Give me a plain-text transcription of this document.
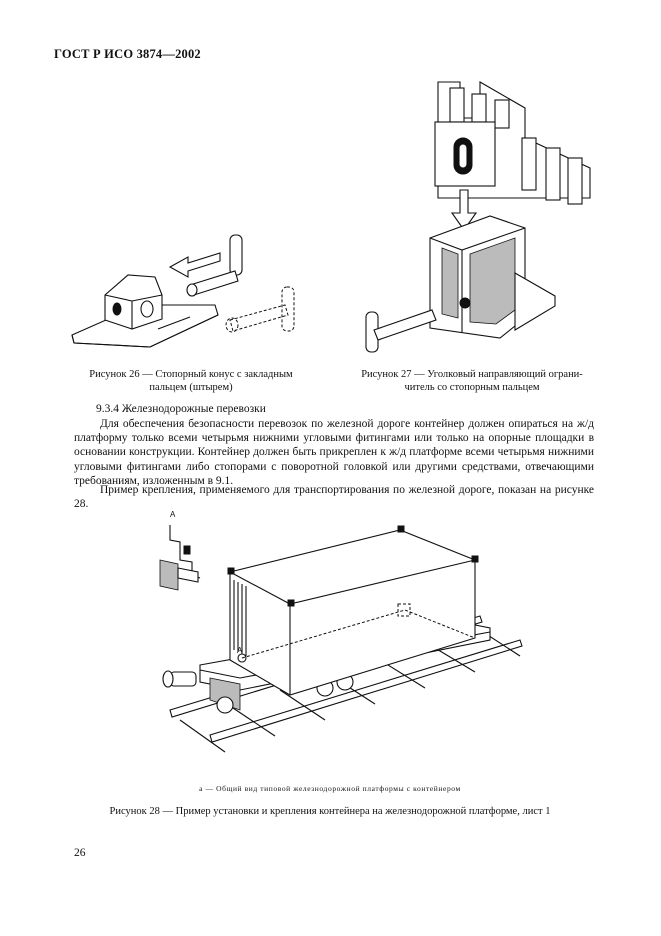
ГОСТ Р ИСО 3874—2002
Рисунок 26 — Стопорный конус с закладным
пальцем (штырем)
Рисунок 27 — Уголковый направляющий ограни-
читель со стопорным пальцем
9.3.4 Железнодорожные перевозки
Для обеспечения безопасности перевозок по железной дороге контейнер должен опираться на ж/д платформу только всеми четырьмя нижними угловыми фитингами или только на опорные площадки в основании конструкции. Контейнер должен быть прикреплен к ж/д платформе всеми четырьмя нижними угловыми фитингами либо стопорами с поворотной головкой или другими средствами, отвечающими требованиям, изложенным в 9.1.
Пример крепления, применяемого для транспортирования по железной дороге, показан на рисунке 28.
А
А
а — Общий вид типовой железнодорожной платформы с контейнером
Рисунок 28 — Пример установки и крепления контейнера на железнодорожной платформе, лист 1
26
